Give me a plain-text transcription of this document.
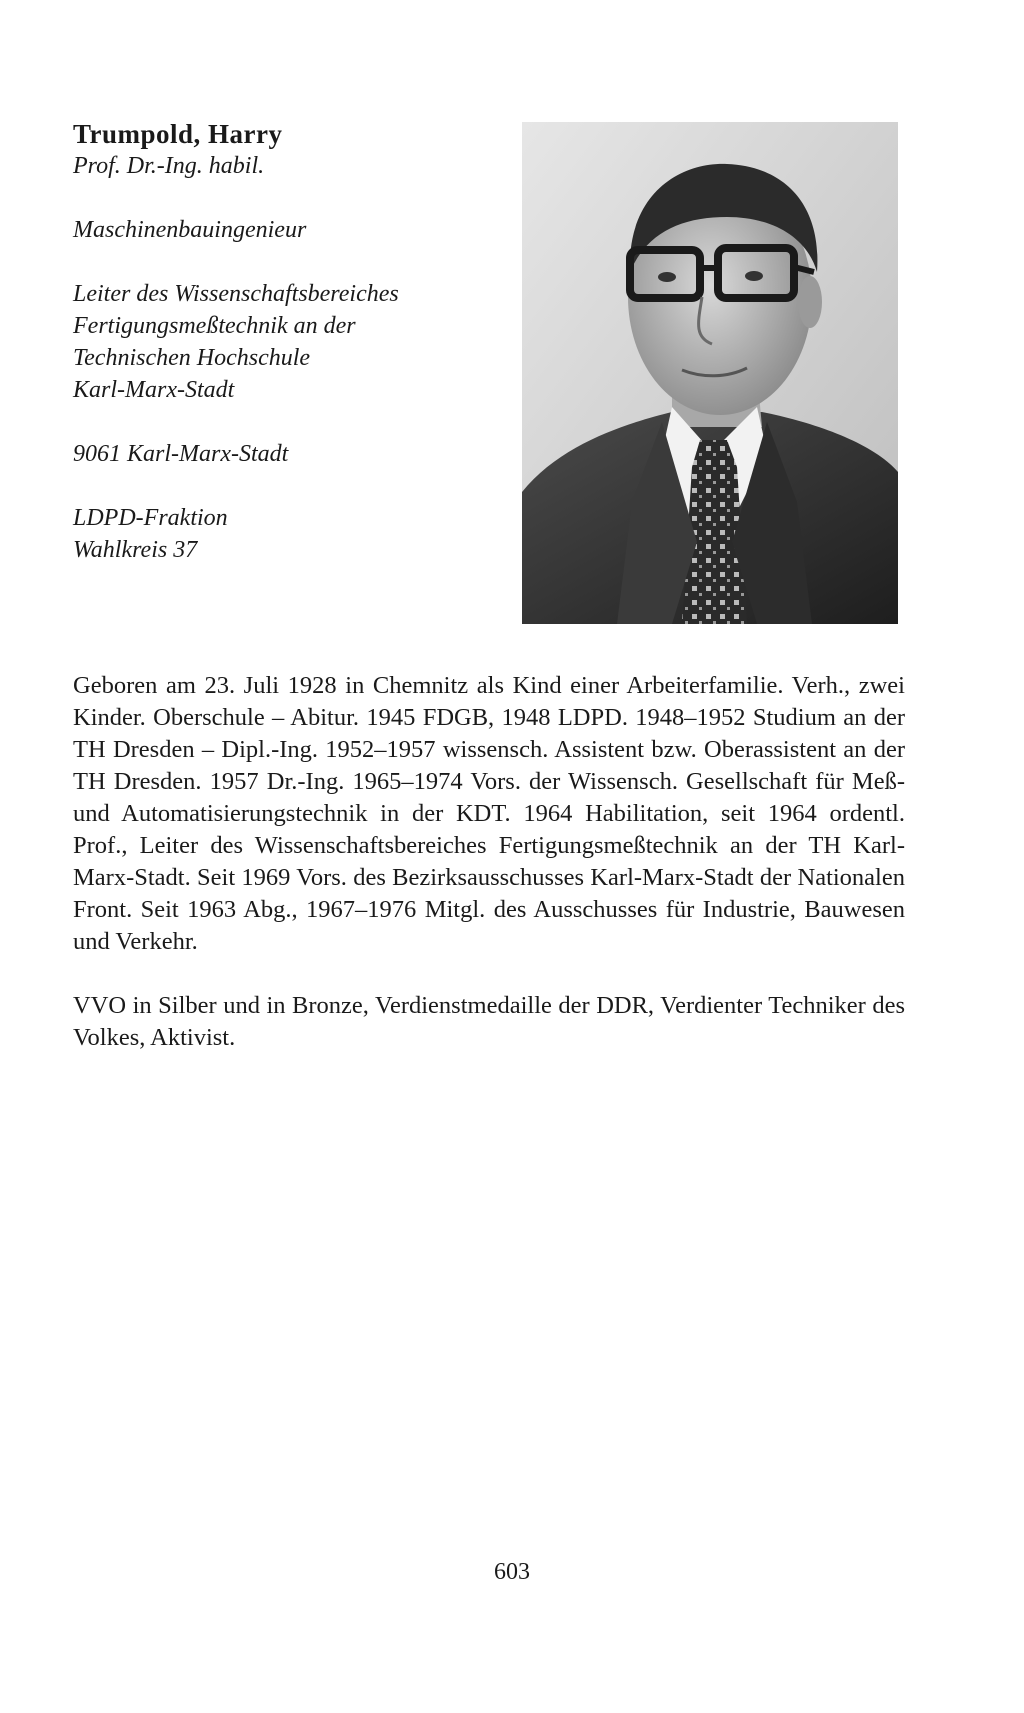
Trumpold, Harry

Prof. Dr.-Ing. habil.

Maschinenbauingenieur

Leiter des Wissenschaftsbereiches

Fertigungsmeßtechnik an der

Technischen Hochschule

Karl-Marx-Stadt

9061 Karl-Marx-Stadt

LDPD-Fraktion

Wahlkreis 37

Geboren am 23. Juli 1928 in Chemnitz als Kind einer Arbeiterfamilie. Verh., zwei Kinder. Oberschule – Abitur. 1945 FDGB, 1948 LDPD. 1948–1952 Studium an der TH Dresden – Dipl.-Ing. 1952–1957 wissensch. Assistent bzw. Oberassistent an der TH Dresden. 1957 Dr.-Ing. 1965–1974 Vors. der Wissensch. Gesellschaft für Meß- und Automatisierungstechnik in der KDT. 1964 Habilitation, seit 1964 ordentl. Prof., Leiter des Wissenschaftsbereiches Fertigungsmeßtechnik an der TH Karl-Marx-Stadt. Seit 1969 Vors. des Bezirksausschusses Karl-Marx-Stadt der Nationalen Front. Seit 1963 Abg., 1967–1976 Mitgl. des Ausschusses für Industrie, Bauwesen und Verkehr.

VVO in Silber und in Bronze, Verdienstmedaille der DDR, Verdienter Techniker des Volkes, Aktivist.

603
